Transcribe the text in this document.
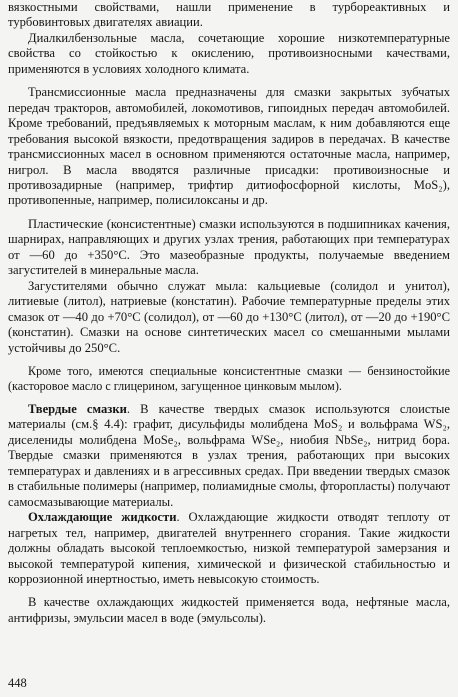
вязкостными свойствами, нашли применение в турбореактивных и турбовинтовых двигателях авиации.

Диалкилбензольные масла, сочетающие хорошие низкотемпературные свойства со стойкостью к окислению, противоизносными качествами, применяются в условиях холодного климата.

Трансмиссионные масла предназначены для смазки закрытых зубчатых передач тракторов, автомобилей, локомотивов, гипоидных передач автомобилей. Кроме требований, предъявляемых к моторным маслам, к ним добавляются еще требования высокой вязкости, предотвращения задиров в передачах. В качестве трансмиссионных масел в основном применяются остаточные масла, например, нигрол. В масла вводятся различные присадки: противоизносные и противозадирные (например, трифтир дитиофосфорной кислоты, MoS₂), противопенные, например, полисилоксаны и др.

Пластические (консистентные) смазки используются в подшипниках качения, шарнирах, направляющих и других узлах трения, работающих при температурах от —60 до +350°С. Это мазеобразные продукты, получаемые введением загустителей в минеральные масла.

Загустителями обычно служат мыла: кальциевые (солидол и унитол), литиевые (литол), натриевые (констатин). Рабочие температурные пределы этих смазок от —40 до +70°С (солидол), от —60 до +130°С (литол), от —20 до +190°С (констатин). Смазки на основе синтетических масел со смешанными мылами устойчивы до 250°С.

Кроме того, имеются специальные консистентные смазки — бензиностойкие (касторовое масло с глицерином, загущенное цинковым мылом).

Твердые смазки. В качестве твердых смазок используются слоистые материалы (см.§ 4.4): графит, дисульфиды молибдена MoS₂ и вольфрама WS₂, диселениды молибдена MoSe₂, вольфрама WSe₂, ниобия NbSe₂, нитрид бора. Твердые смазки применяются в узлах трения, работающих при высоких температурах и давлениях и в агрессивных средах. При введении твердых смазок в стабильные полимеры (например, полиамидные смолы, фторопласты) получают самосмазывающие материалы.

Охлаждающие жидкости. Охлаждающие жидкости отводят теплоту от нагретых тел, например, двигателей внутреннего сгорания. Такие жидкости должны обладать высокой теплоемкостью, низкой температурой замерзания и высокой температурой кипения, химической и физической стабильностью и коррозионной инертностью, иметь невысокую стоимость.

В качестве охлаждающих жидкостей применяется вода, нефтяные масла, антифризы, эмульсии масел в воде (эмульсолы).

448
